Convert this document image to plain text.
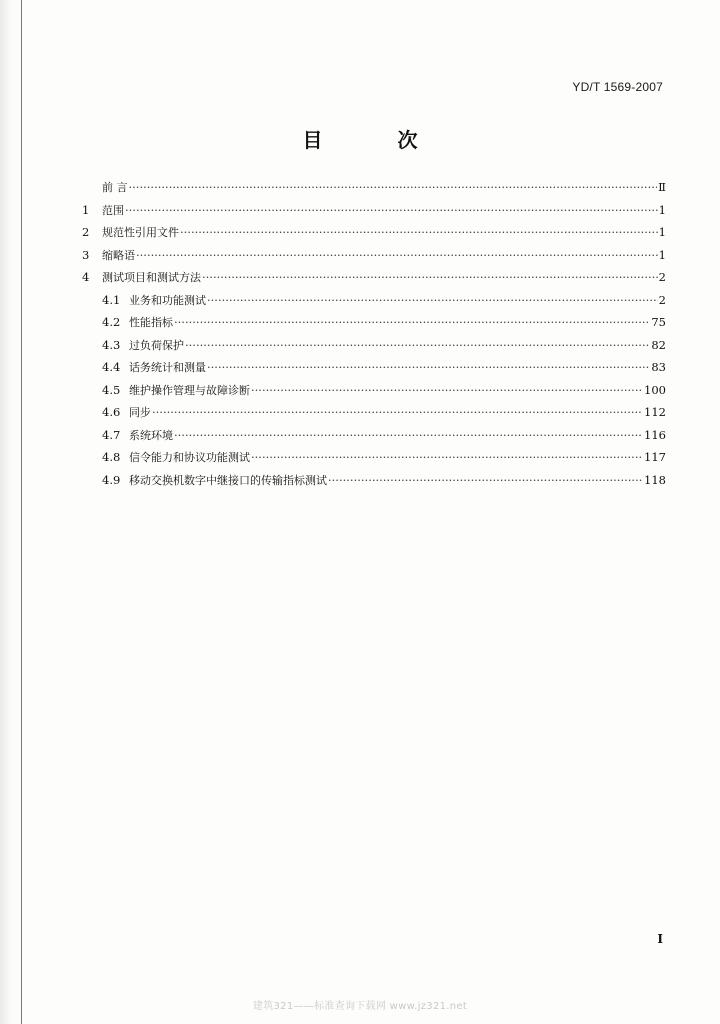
YD/T 1569-2007
目 次
前 言 ·····	Ⅱ
1	范围 ·····	1
2	规范性引用文件 ·····	1
3	缩略语 ·····	1
4	测试项目和测试方法 ·····	2
4.1 业务和功能测试 ·····	2
4.2 性能指标 ·····	75
4.3 过负荷保护 ·····	82
4.4 话务统计和测量 ·····	83
4.5 维护操作管理与故障诊断 ·····	100
4.6 同步 ·····	112
4.7 系统环境 ·····	116
4.8 信令能力和协议功能测试 ·····	117
4.9 移动交换机数字中继接口的传输指标测试 ·····	118
I
建筑321——标准查询下载网 www.jz321.net
